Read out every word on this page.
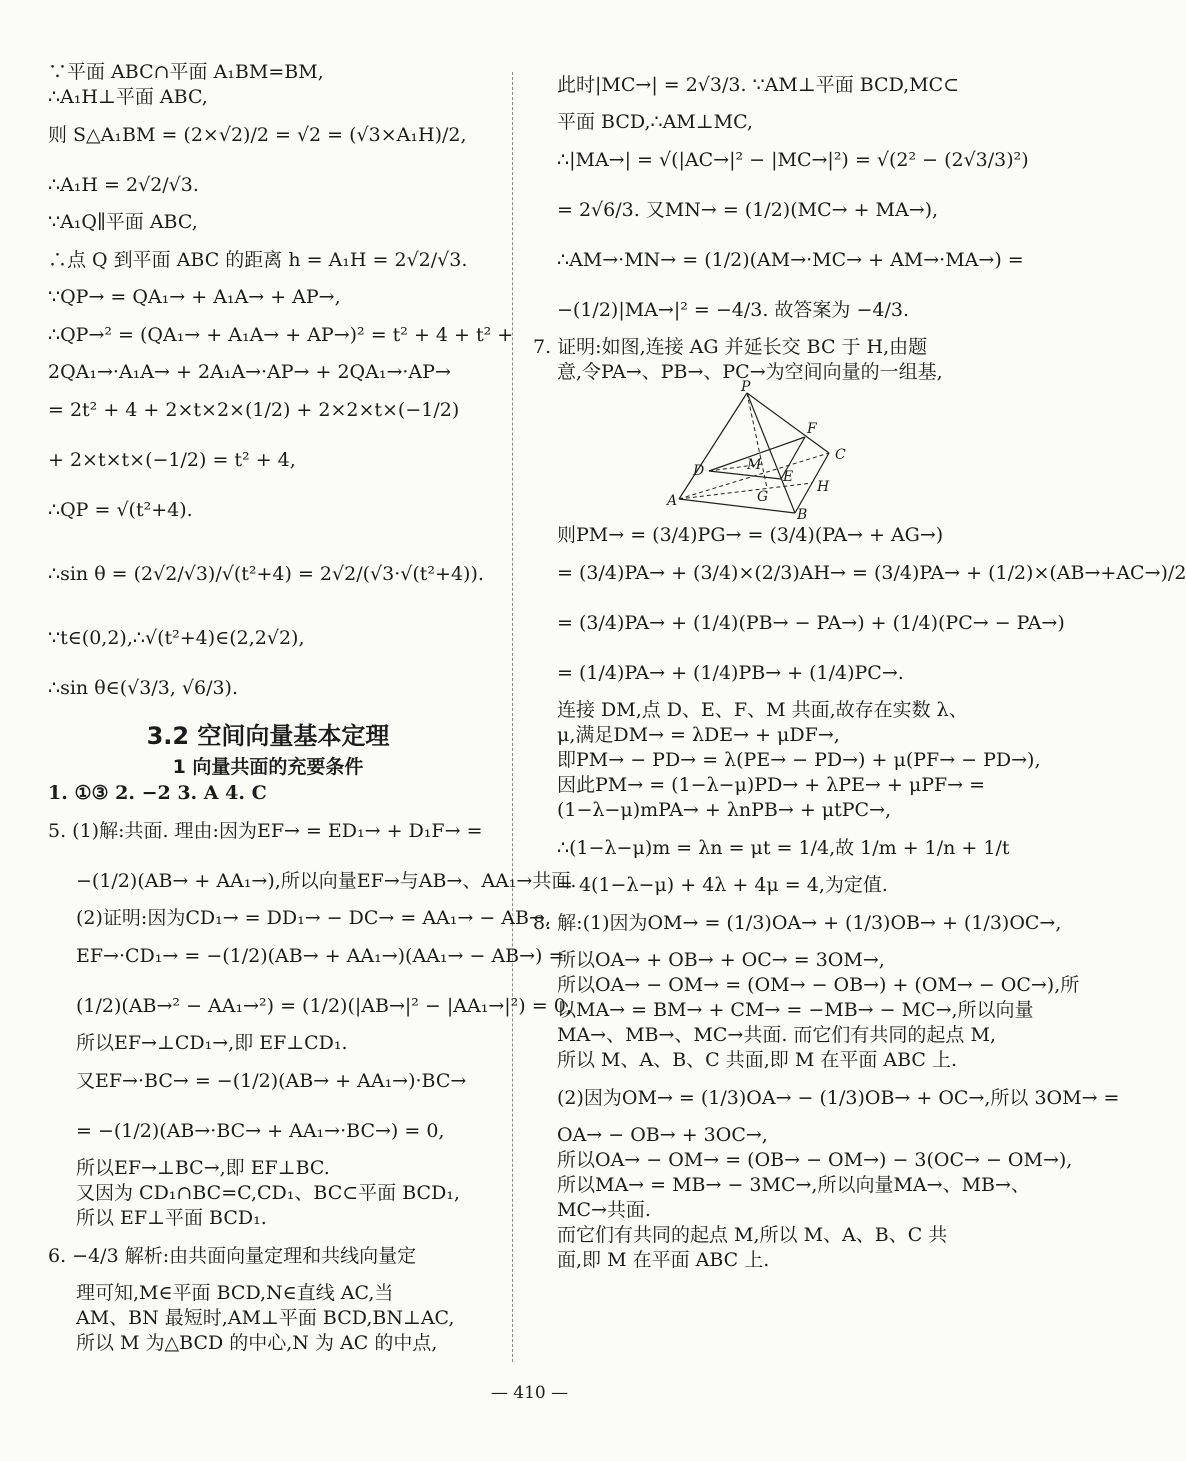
∵平面 ABC∩平面 A₁BM=BM,
∴A₁H⊥平面 ABC,
则 S△A₁BM = (2×√2)/2 = √2 = (√3×A₁H)/2,
∴A₁H = 2√2/√3.
∵A₁Q∥平面 ABC,
∴点 Q 到平面 ABC 的距离 h = A₁H = 2√2/√3.
∵QP→ = QA₁→ + A₁A→ + AP→,
∴QP→² = (QA₁→ + A₁A→ + AP→)² = t² + 4 + t² +
2QA₁→·A₁A→ + 2A₁A→·AP→ + 2QA₁→·AP→
= 2t² + 4 + 2×t×2×(1/2) + 2×2×t×(−1/2)
+ 2×t×t×(−1/2) = t² + 4,
∴QP = √(t²+4).
∴sin θ = (2√2/√3)/√(t²+4) = 2√2/(√3·√(t²+4)).
∵t∈(0,2),∴√(t²+4)∈(2,2√2),
∴sin θ∈(√3/3, √6/3).
3.2 空间向量基本定理
1 向量共面的充要条件
1. ①③ 2. −2 3. A 4. C
5. (1)解:共面. 理由:因为EF→ = ED₁→ + D₁F→ =
−(1/2)(AB→ + AA₁→),所以向量EF→与AB→、AA₁→共面.
(2)证明:因为CD₁→ = DD₁→ − DC→ = AA₁→ − AB→,
EF→·CD₁→ = −(1/2)(AB→ + AA₁→)(AA₁→ − AB→) =
(1/2)(AB→² − AA₁→²) = (1/2)(|AB→|² − |AA₁→|²) = 0,
所以EF→⊥CD₁→,即 EF⊥CD₁.
又EF→·BC→ = −(1/2)(AB→ + AA₁→)·BC→
= −(1/2)(AB→·BC→ + AA₁→·BC→) = 0,
所以EF→⊥BC→,即 EF⊥BC.
又因为 CD₁∩BC=C,CD₁、BC⊂平面 BCD₁,
所以 EF⊥平面 BCD₁.
6. −4/3 解析:由共面向量定理和共线向量定
理可知,M∈平面 BCD,N∈直线 AC,当
AM、BN 最短时,AM⊥平面 BCD,BN⊥AC,
所以 M 为△BCD 的中心,N 为 AC 的中点,
此时|MC→| = 2√3/3. ∵AM⊥平面 BCD,MC⊂
平面 BCD,∴AM⊥MC,
∴|MA→| = √(|AC→|² − |MC→|²) = √(2² − (2√3/3)²)
= 2√6/3. 又MN→ = (1/2)(MC→ + MA→),
∴AM→·MN→ = (1/2)(AM→·MC→ + AM→·MA→) =
−(1/2)|MA→|² = −4/3. 故答案为 −4/3.
7. 证明:如图,连接 AG 并延长交 BC 于 H,由题
意,令PA→、PB→、PC→为空间向量的一组基,
P
F
C
D	M
E
A	G
H
B
则PM→ = (3/4)PG→ = (3/4)(PA→ + AG→)
= (3/4)PA→ + (3/4)×(2/3)AH→ = (3/4)PA→ + (1/2)×(AB→+AC→)/2
= (3/4)PA→ + (1/4)(PB→ − PA→) + (1/4)(PC→ − PA→)
= (1/4)PA→ + (1/4)PB→ + (1/4)PC→.
连接 DM,点 D、E、F、M 共面,故存在实数 λ、
μ,满足DM→ = λDE→ + μDF→,
即PM→ − PD→ = λ(PE→ − PD→) + μ(PF→ − PD→),
因此PM→ = (1−λ−μ)PD→ + λPE→ + μPF→ =
(1−λ−μ)mPA→ + λnPB→ + μtPC→,
∴(1−λ−μ)m = λn = μt = 1/4,故 1/m + 1/n + 1/t
= 4(1−λ−μ) + 4λ + 4μ = 4,为定值.
8. 解:(1)因为OM→ = (1/3)OA→ + (1/3)OB→ + (1/3)OC→,
所以OA→ + OB→ + OC→ = 3OM→,
所以OA→ − OM→ = (OM→ − OB→) + (OM→ − OC→),所
以MA→ = BM→ + CM→ = −MB→ − MC→,所以向量
MA→、MB→、MC→共面. 而它们有共同的起点 M,
所以 M、A、B、C 共面,即 M 在平面 ABC 上.
(2)因为OM→ = (1/3)OA→ − (1/3)OB→ + OC→,所以 3OM→ =
OA→ − OB→ + 3OC→,
所以OA→ − OM→ = (OB→ − OM→) − 3(OC→ − OM→),
所以MA→ = MB→ − 3MC→,所以向量MA→、MB→、
MC→共面.
而它们有共同的起点 M,所以 M、A、B、C 共
面,即 M 在平面 ABC 上.
— 410 —
